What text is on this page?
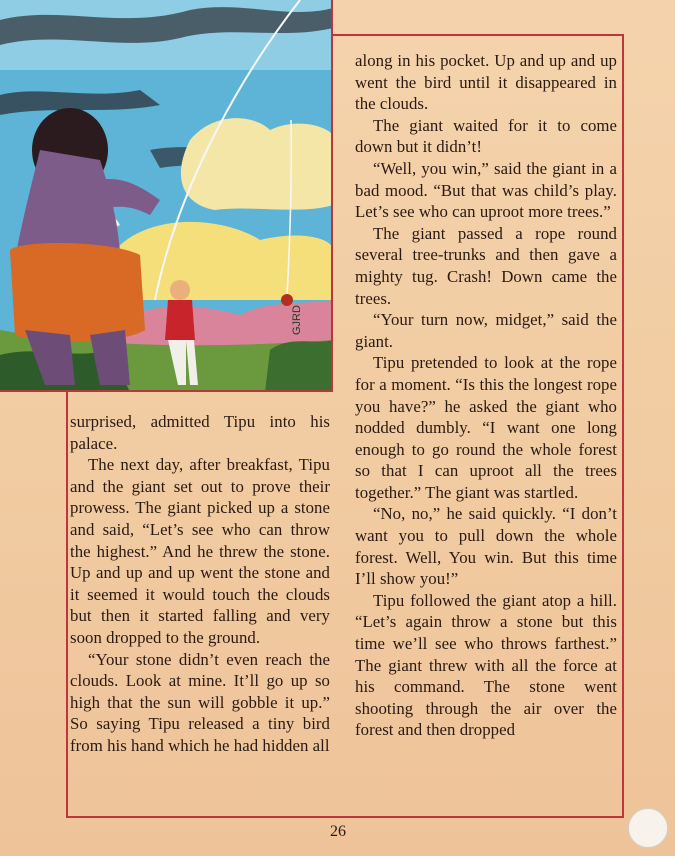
GJRD

along in his pocket. Up and up and up went the bird until it disappeared in the clouds.

The giant waited for it to come down but it didn’t!

“Well, you win,” said the giant in a bad mood. “But that was child’s play. Let’s see who can uproot more trees.”

The giant passed a rope round several tree-trunks and then gave a mighty tug. Crash! Down came the trees.

“Your turn now, midget,” said the giant.

Tipu pretended to look at the rope for a moment. “Is this the longest rope you have?” he asked the giant who nodded dumbly. “I want one long enough to go round the whole forest so that I can uproot all the trees together.” The giant was startled.

“No, no,” he said quickly. “I don’t want you to pull down the whole forest. Well, You win. But this time I’ll show you!”

Tipu followed the giant atop a hill. “Let’s again throw a stone but this time we’ll see who throws farthest.” The giant threw with all the force at his command. The stone went shooting through the air over the forest and then dropped

surprised, admitted Tipu into his palace.

The next day, after breakfast, Tipu and the giant set out to prove their prowess. The giant picked up a stone and said, “Let’s see who can throw the highest.” And he threw the stone. Up and up and up went the stone and it seemed it would touch the clouds but then it started falling and very soon dropped to the ground.

“Your stone didn’t even reach the clouds. Look at mine. It’ll go up so high that the sun will gobble it up.” So saying Tipu released a tiny bird from his hand which he had hidden all

26
